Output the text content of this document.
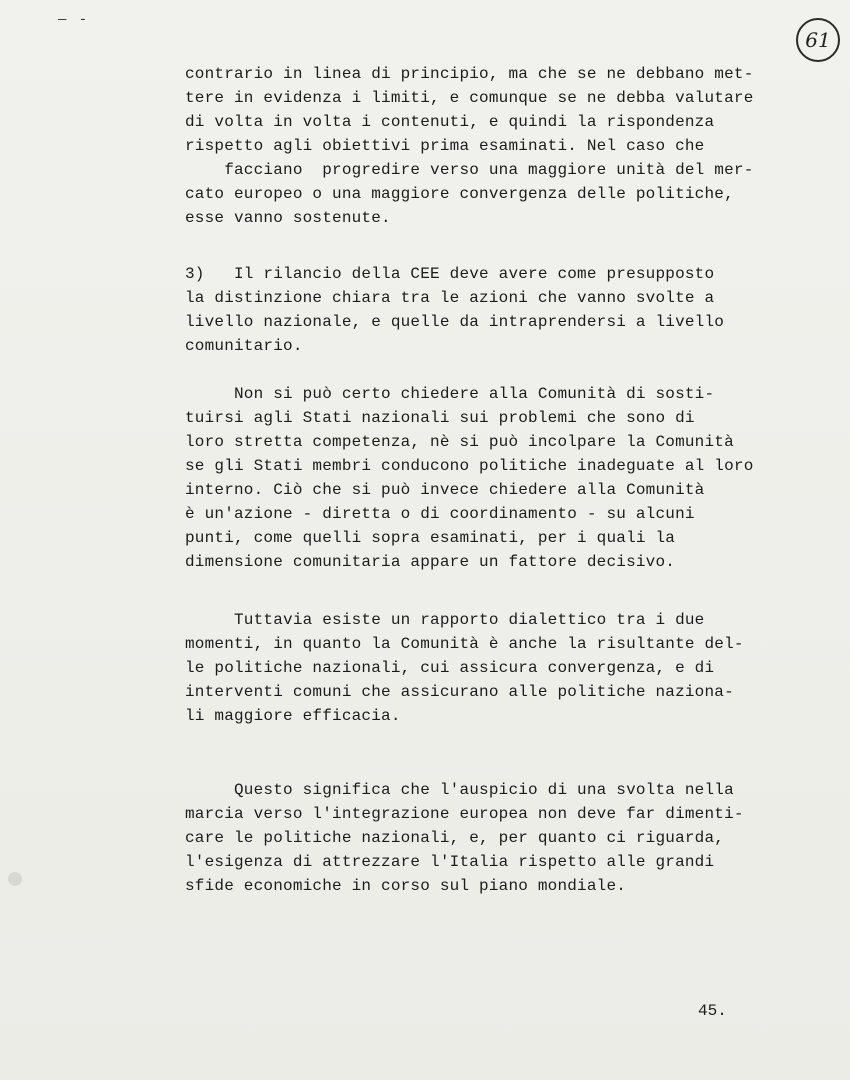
— -
61
contrario in linea di principio, ma che se ne debbano met-
tere in evidenza i limiti, e comunque se ne debba valutare
di volta in volta i contenuti, e quindi la rispondenza
rispetto agli obiettivi prima esaminati. Nel caso che
facciano  progredire verso una maggiore unità del mer-
cato europeo o una maggiore convergenza delle politiche,
esse vanno sostenute.
3)   Il rilancio della CEE deve avere come presupposto
la distinzione chiara tra le azioni che vanno svolte a
livello nazionale, e quelle da intraprendersi a livello
comunitario.
Non si può certo chiedere alla Comunità di sosti-
tuirsi agli Stati nazionali sui problemi che sono di
loro stretta competenza, nè si può incolpare la Comunità
se gli Stati membri conducono politiche inadeguate al loro
interno. Ciò che si può invece chiedere alla Comunità
è un'azione - diretta o di coordinamento - su alcuni
punti, come quelli sopra esaminati, per i quali la
dimensione comunitaria appare un fattore decisivo.
Tuttavia esiste un rapporto dialettico tra i due
momenti, in quanto la Comunità è anche la risultante del-
le politiche nazionali, cui assicura convergenza, e di
interventi comuni che assicurano alle politiche naziona-
li maggiore efficacia.
Questo significa che l'auspicio di una svolta nella
marcia verso l'integrazione europea non deve far dimenti-
care le politiche nazionali, e, per quanto ci riguarda,
l'esigenza di attrezzare l'Italia rispetto alle grandi
sfide economiche in corso sul piano mondiale.
45.
